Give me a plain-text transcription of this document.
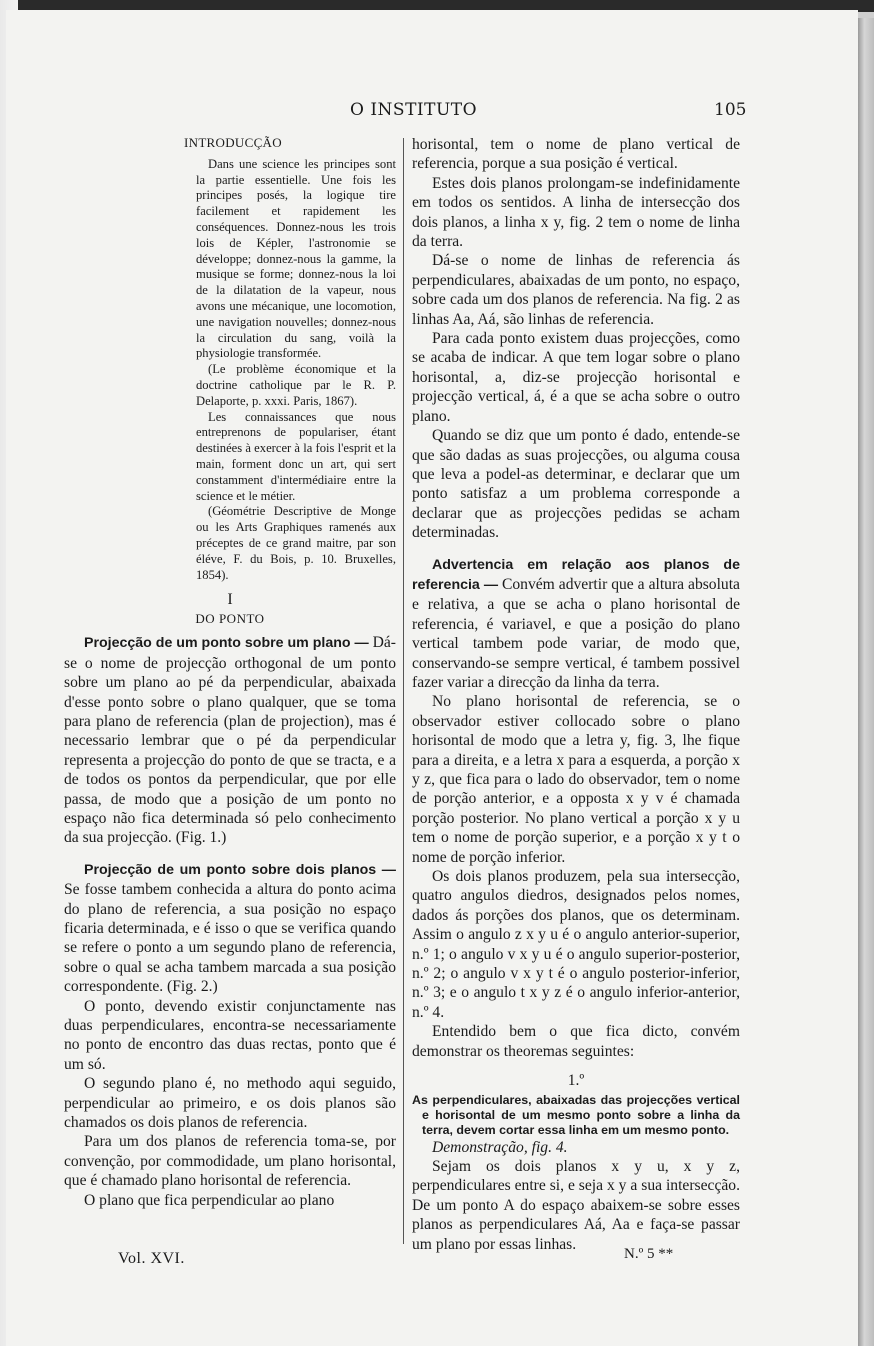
O INSTITUTO	105
INTRODUCÇÃO

Dans une science les principes sont la partie essentielle. Une fois les principes posés, la logique tire facilement et rapidement les conséquences. Donnez-nous les trois lois de Képler, l'astronomie se développe; donnez-nous la gamme, la musique se forme; donnez-nous la loi de la dilatation de la vapeur, nous avons une mécanique, une locomotion, une navigation nouvelles; donnez-nous la circulation du sang, voilà la physiologie transformée.

(Le problème économique et la doctrine catholique par le R. P. Delaporte, p. xxxi. Paris, 1867).

Les connaissances que nous entreprenons de populariser, étant destinées à exercer à la fois l'esprit et la main, forment donc un art, qui sert constamment d'intermédiaire entre la science et le métier.

(Géométrie Descriptive de Monge ou les Arts Graphiques ramenés aux préceptes de ce grand maitre, par son éléve, F. du Bois, p. 10. Bruxelles, 1854).

I
DO PONTO

Projecção de um ponto sobre um plano — Dá-se o nome de projecção orthogonal de um ponto sobre um plano ao pé da perpendicular, abaixada d'esse ponto sobre o plano qualquer, que se toma para plano de referencia (plan de projection), mas é necessario lembrar que o pé da perpendicular representa a projecção do ponto de que se tracta, e a de todos os pontos da perpendicular, que por elle passa, de modo que a posição de um ponto no espaço não fica determinada só pelo conhecimento da sua projecção. (Fig. 1.)

Projecção de um ponto sobre dois planos — Se fosse tambem conhecida a altura do ponto acima do plano de referencia, a sua posição no espaço ficaria determinada, e é isso o que se verifica quando se refere o ponto a um segundo plano de referencia, sobre o qual se acha tambem marcada a sua posição correspondente. (Fig. 2.)

O ponto, devendo existir conjunctamente nas duas perpendiculares, encontra-se necessariamente no ponto de encontro das duas rectas, ponto que é um só.

O segundo plano é, no methodo aqui seguido, perpendicular ao primeiro, e os dois planos são chamados os dois planos de referencia.

Para um dos planos de referencia toma-se, por convenção, por commodidade, um plano horisontal, que é chamado plano horisontal de referencia.

O plano que fica perpendicular ao plano

horisontal, tem o nome de plano vertical de referencia, porque a sua posição é vertical.

Estes dois planos prolongam-se indefinidamente em todos os sentidos. A linha de intersecção dos dois planos, a linha x y, fig. 2 tem o nome de linha da terra.

Dá-se o nome de linhas de referencia ás perpendiculares, abaixadas de um ponto, no espaço, sobre cada um dos planos de referencia. Na fig. 2 as linhas Aa, Aá, são linhas de referencia.

Para cada ponto existem duas projecções, como se acaba de indicar. A que tem logar sobre o plano horisontal, a, diz-se projecção horisontal e projecção vertical, á, é a que se acha sobre o outro plano.

Quando se diz que um ponto é dado, entende-se que são dadas as suas projecções, ou alguma cousa que leva a podel-as determinar, e declarar que um ponto satisfaz a um problema corresponde a declarar que as projecções pedidas se acham determinadas.

Advertencia em relação aos planos de referencia — Convém advertir que a altura absoluta e relativa, a que se acha o plano horisontal de referencia, é variavel, e que a posição do plano vertical tambem pode variar, de modo que, conservando-se sempre vertical, é tambem possivel fazer variar a direcção da linha da terra.

No plano horisontal de referencia, se o observador estiver collocado sobre o plano horisontal de modo que a letra y, fig. 3, lhe fique para a direita, e a letra x para a esquerda, a porção x y z, que fica para o lado do observador, tem o nome de porção anterior, e a opposta x y v é chamada porção posterior. No plano vertical a porção x y u tem o nome de porção superior, e a porção x y t o nome de porção inferior.

Os dois planos produzem, pela sua intersecção, quatro angulos diedros, designados pelos nomes, dados ás porções dos planos, que os determinam. Assim o angulo z x y u é o angulo anterior-superior, n.º 1; o angulo v x y u é o angulo superior-posterior, n.º 2; o angulo v x y t é o angulo posterior-inferior, n.º 3; e o angulo t x y z é o angulo inferior-anterior, n.º 4.

Entendido bem o que fica dicto, convém demonstrar os theoremas seguintes:

1.º
As perpendiculares, abaixadas das projecções vertical e horisontal de um mesmo ponto sobre a linha da terra, devem cortar essa linha em um mesmo ponto.

Demonstração, fig. 4.

Sejam os dois planos x y u, x y z, perpendiculares entre si, e seja x y a sua intersecção. De um ponto A do espaço abaixem-se sobre esses planos as perpendiculares Aá, Aa e faça-se passar um plano por essas linhas.

Vol. XVI.	N.º 5 **
